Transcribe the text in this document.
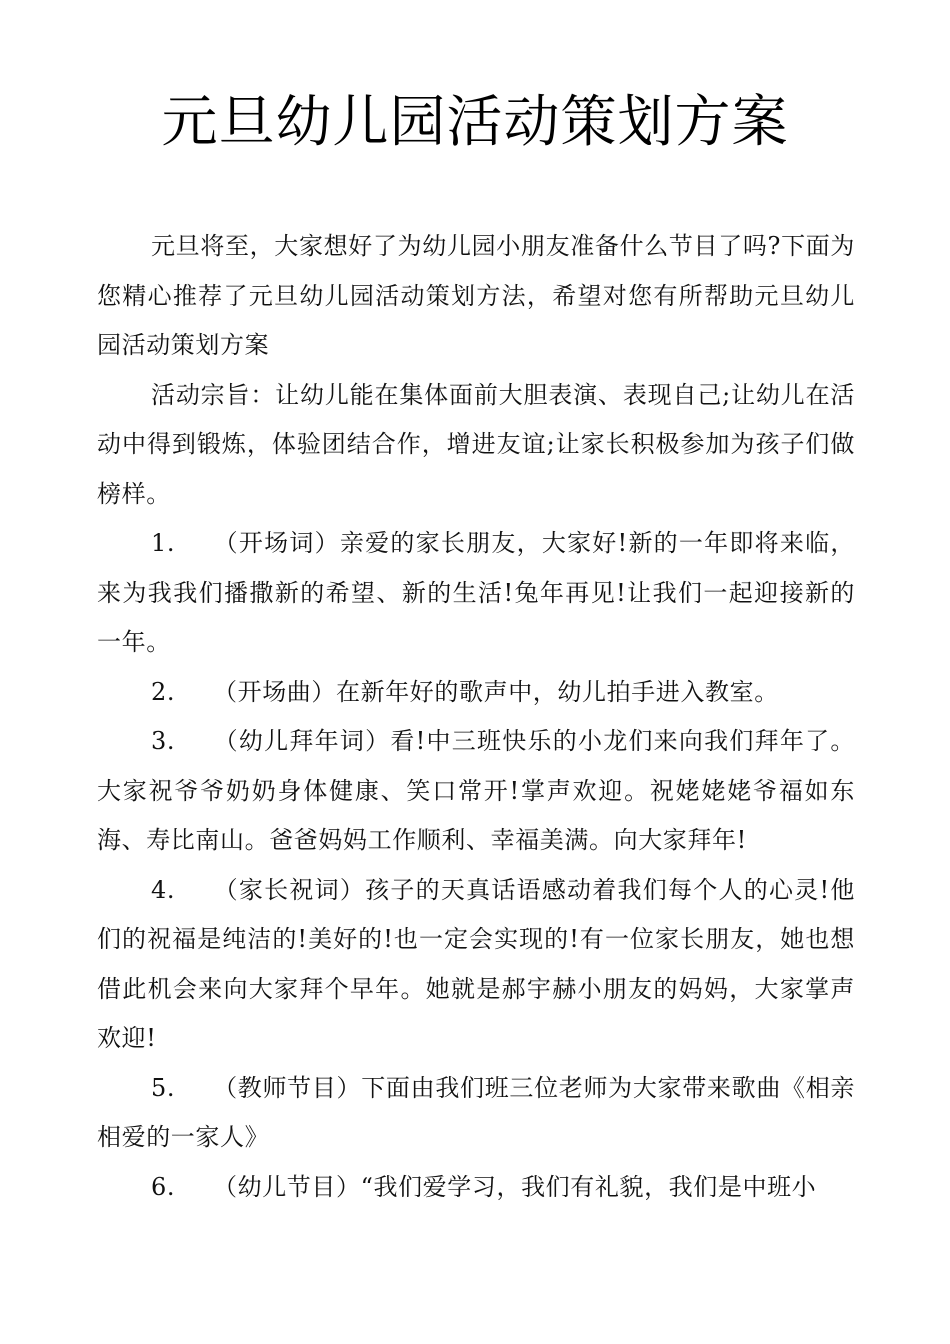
元旦幼儿园活动策划方案

元旦将至，大家想好了为幼儿园小朋友准备什么节目了吗?下面为您精心推荐了元旦幼儿园活动策划方法，希望对您有所帮助元旦幼儿园活动策划方案

活动宗旨：让幼儿能在集体面前大胆表演、表现自己;让幼儿在活动中得到锻炼，体验团结合作，增进友谊;让家长积极参加为孩子们做榜样。

1. （开场词）亲爱的家长朋友，大家好!新的一年即将来临，来为我我们播撒新的希望、新的生活!兔年再见!让我们一起迎接新的一年。

2. （开场曲）在新年好的歌声中，幼儿拍手进入教室。

3. （幼儿拜年词）看!中三班快乐的小龙们来向我们拜年了。大家祝爷爷奶奶身体健康、笑口常开!掌声欢迎。祝姥姥姥爷福如东海、寿比南山。爸爸妈妈工作顺利、幸福美满。向大家拜年!

4. （家长祝词）孩子的天真话语感动着我们每个人的心灵!他们的祝福是纯洁的!美好的!也一定会实现的!有一位家长朋友，她也想借此机会来向大家拜个早年。她就是郝宇赫小朋友的妈妈，大家掌声欢迎!

5. （教师节目）下面由我们班三位老师为大家带来歌曲《相亲相爱的一家人》

6. （幼儿节目）“我们爱学习，我们有礼貌，我们是中班小
